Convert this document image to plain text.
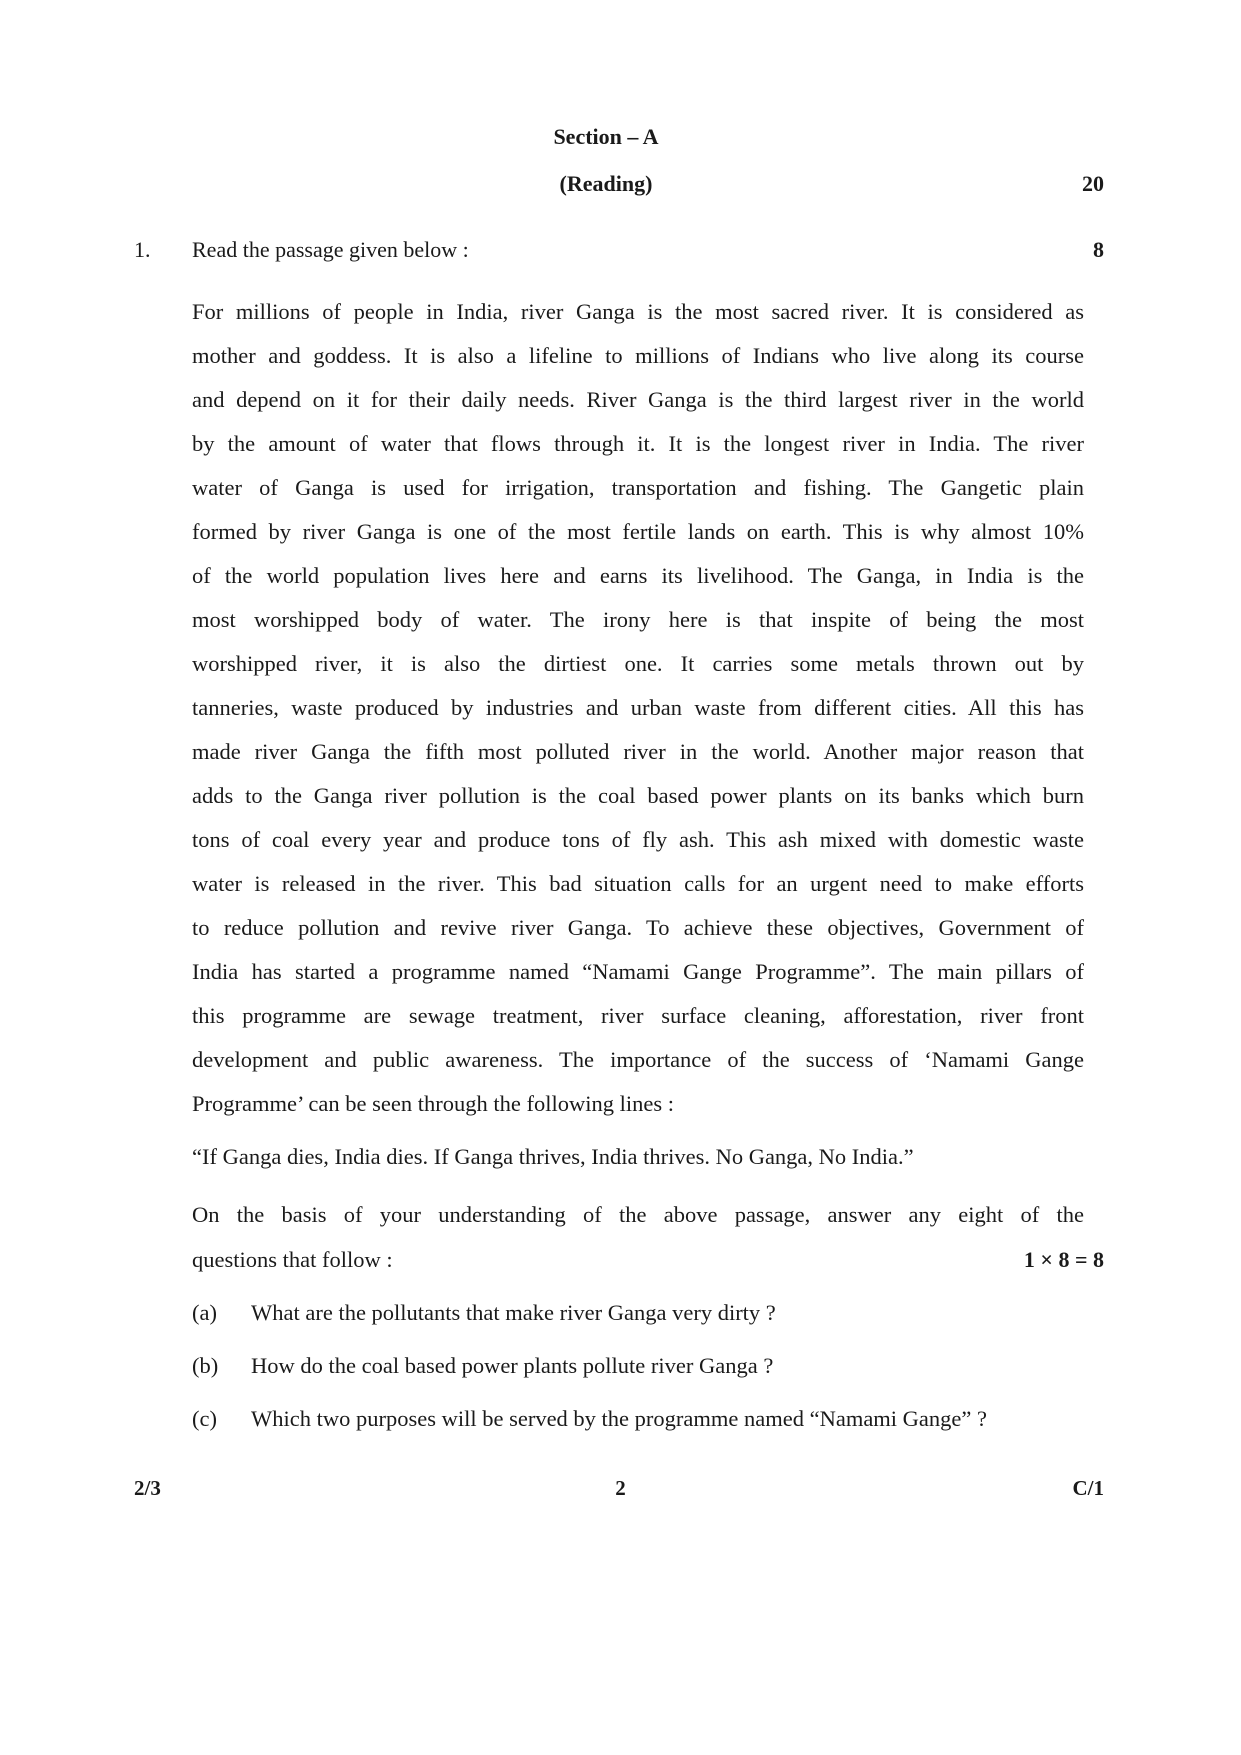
Section – A
(Reading)	20
1. Read the passage given below :	8
For millions of people in India, river Ganga is the most sacred river. It is considered as
mother and goddess. It is also a lifeline to millions of Indians who live along its course
and depend on it for their daily needs. River Ganga is the third largest river in the world
by the amount of water that flows through it. It is the longest river in India. The river
water of Ganga is used for irrigation, transportation and fishing. The Gangetic plain
formed by river Ganga is one of the most fertile lands on earth. This is why almost 10%
of the world population lives here and earns its livelihood. The Ganga, in India is the
most worshipped body of water. The irony here is that inspite of being the most
worshipped river, it is also the dirtiest one. It carries some metals thrown out by
tanneries, waste produced by industries and urban waste from different cities. All this has
made river Ganga the fifth most polluted river in the world. Another major reason that
adds to the Ganga river pollution is the coal based power plants on its banks which burn
tons of coal every year and produce tons of fly ash. This ash mixed with domestic waste
water is released in the river. This bad situation calls for an urgent need to make efforts
to reduce pollution and revive river Ganga. To achieve these objectives, Government of
India has started a programme named “Namami Gange Programme”. The main pillars of
this programme are sewage treatment, river surface cleaning, afforestation, river front
development and public awareness. The importance of the success of ‘Namami Gange
Programme’ can be seen through the following lines :
“If Ganga dies, India dies. If Ganga thrives, India thrives. No Ganga, No India.”
On the basis of your understanding of the above passage, answer any eight of the
questions that follow :	1 × 8 = 8
(a) What are the pollutants that make river Ganga very dirty ?
(b) How do the coal based power plants pollute river Ganga ?
(c) Which two purposes will be served by the programme named “Namami Gange” ?
2/3	2	C/1
